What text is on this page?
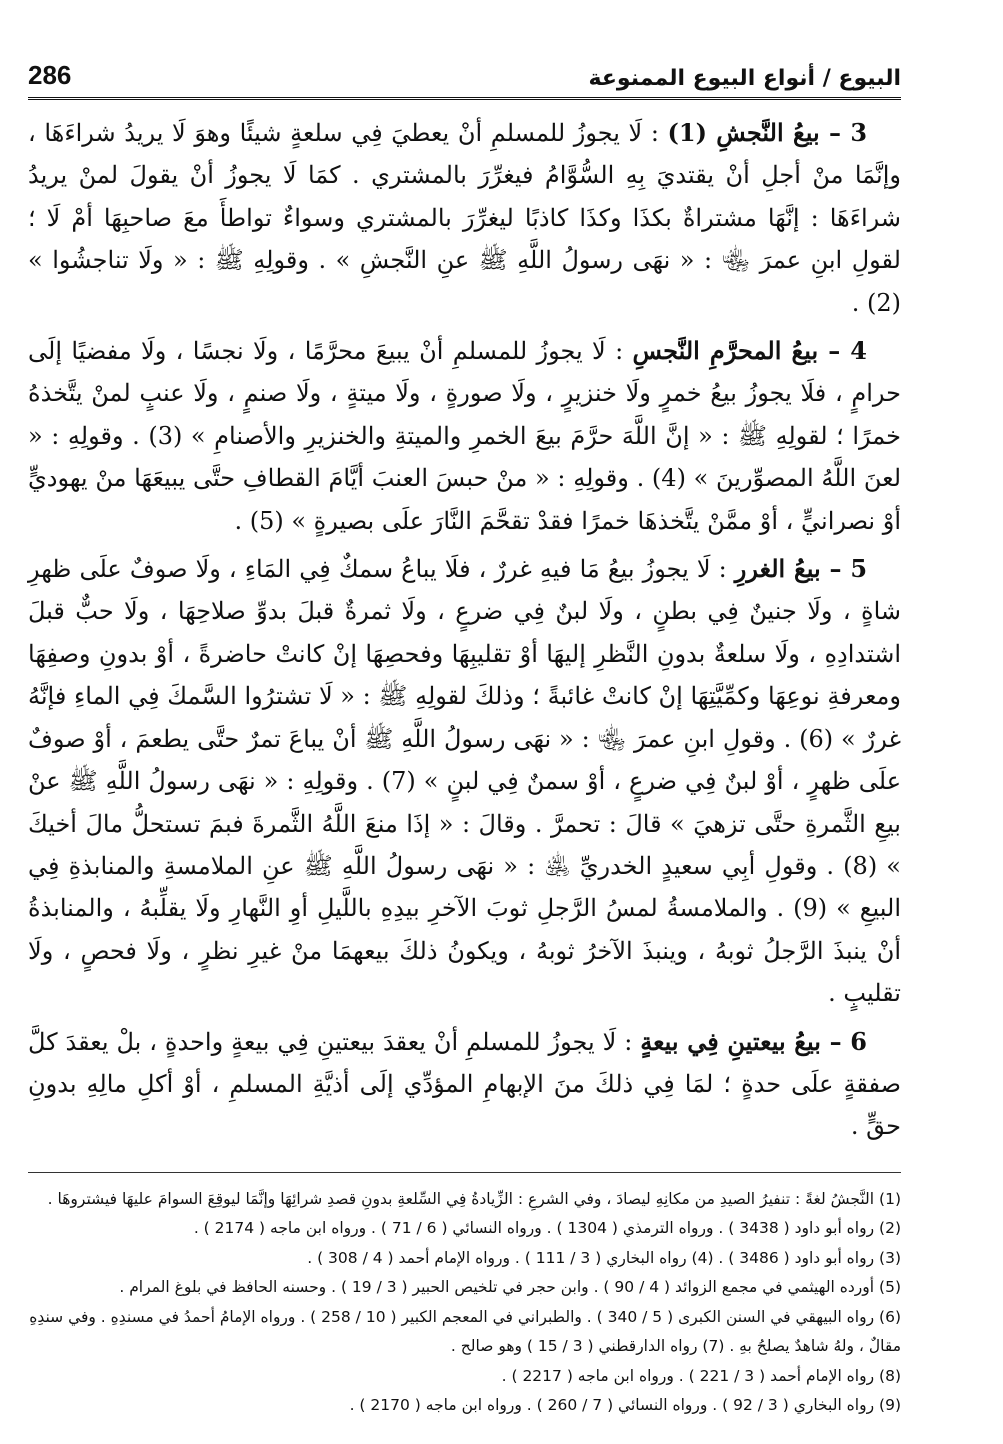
البيوع / أنواع البيوع الممنوعة
286

3 – بيعُ النَّجشِ (1) : لَا يجوزُ للمسلمِ أنْ يعطيَ فِي سلعةٍ شيئًا وهوَ لَا يريدُ شراءَهَا ، وإنَّمَا منْ أجلِ أنْ يقتديَ بِهِ السُّوَّامُ فيغرِّرَ بالمشتري . كمَا لَا يجوزُ أنْ يقولَ لمنْ يريدُ شراءَهَا : إنَّهَا مشتراةٌ بكذَا وكذَا كاذبًا ليغرِّرَ بالمشتري وسواءٌ تواطأَ معَ صاحبِهَا أمْ لَا ؛ لقولِ ابنِ عمرَ ﵄ : « نهَى رسولُ اللَّهِ ﷺ عنِ النَّجشِ » . وقولِهِ ﷺ : « ولَا تناجشُوا » (2) .

4 – بيعُ المحرَّمِ النَّجسِ : لَا يجوزُ للمسلمِ أنْ يبيعَ محرَّمًا ، ولَا نجسًا ، ولَا مفضيًا إلَى حرامٍ ، فلَا يجوزُ بيعُ خمرٍ ولَا خنزيرٍ ، ولَا صورةٍ ، ولَا ميتةٍ ، ولَا صنمٍ ، ولَا عنبٍ لمنْ يتَّخذهُ خمرًا ؛ لقولِهِ ﷺ : « إنَّ اللَّهَ حرَّمَ بيعَ الخمرِ والميتةِ والخنزيرِ والأصنامِ » (3) . وقولِهِ : « لعنَ اللَّهُ المصوِّرينَ » (4) . وقولِهِ : « منْ حبسَ العنبَ أيَّامَ القطافِ حتَّى يبيعَهَا منْ يهوديٍّ أوْ نصرانيٍّ ، أوْ ممَّنْ يتَّخذهَا خمرًا فقدْ تقحَّمَ النَّارَ علَى بصيرةٍ » (5) .

5 – بيعُ الغررِ : لَا يجوزُ بيعُ مَا فيهِ غررٌ ، فلَا يباعُ سمكٌ فِي المَاءِ ، ولَا صوفٌ علَى ظهرِ شاةٍ ، ولَا جنينٌ فِي بطنٍ ، ولَا لبنٌ فِي ضرعٍ ، ولَا ثمرةٌ قبلَ بدوِّ صلاحِهَا ، ولَا حبٌّ قبلَ اشتدادِهِ ، ولَا سلعةٌ بدونِ النَّظرِ إليهَا أوْ تقليبِهَا وفحصِهَا إنْ كانتْ حاضرةً ، أوْ بدونِ وصفِهَا ومعرفةِ نوعِهَا وكمِّيَّتِهَا إنْ كانتْ غائبةً ؛ وذلكَ لقولِهِ ﷺ : « لَا تشترُوا السَّمكَ فِي الماءِ فإنَّهُ غررٌ » (6) . وقولِ ابنِ عمرَ ﵄ : « نهَى رسولُ اللَّهِ ﷺ أنْ يباعَ تمرٌ حتَّى يطعمَ ، أوْ صوفٌ علَى ظهرٍ ، أوْ لبنٌ فِي ضرعٍ ، أوْ سمنٌ فِي لبنٍ » (7) . وقولِهِ : « نهَى رسولُ اللَّهِ ﷺ عنْ بيعِ الثَّمرةِ حتَّى تزهيَ » قالَ : تحمرَّ . وقالَ : « إذَا منعَ اللَّهُ الثَّمرةَ فبمَ تستحلُّ مالَ أخيكَ » (8) . وقولِ أبِي سعيدٍ الخدريِّ ﵁ : « نهَى رسولُ اللَّهِ ﷺ عنِ الملامسةِ والمنابذةِ فِي البيعِ » (9) . والملامسةُ لمسُ الرَّجلِ ثوبَ الآخرِ بيدِهِ باللَّيلِ أوِ النَّهارِ ولَا يقلِّبهُ ، والمنابذةُ أنْ ينبذَ الرَّجلُ ثوبهُ ، وينبذَ الآخرُ ثوبهُ ، ويكونُ ذلكَ بيعهمَا منْ غيرِ نظرٍ ، ولَا فحصٍ ، ولَا تقليبٍ .

6 – بيعُ بيعتينِ فِي بيعةٍ : لَا يجوزُ للمسلمِ أنْ يعقدَ بيعتينِ فِي بيعةٍ واحدةٍ ، بلْ يعقدَ كلَّ صفقةٍ علَى حدةٍ ؛ لمَا فِي ذلكَ منَ الإبهامِ المؤدِّي إلَى أذيَّةِ المسلمِ ، أوْ أكلِ مالِهِ بدونِ حقٍّ .

(1) النَّجشُ لغةً : تنفيرُ الصيدِ من مكانِهِ ليصادَ ، وفي الشرعِ : الزِّيادةُ فِي السِّلعةِ بدونِ قصدِ شرائِهَا وإنَّمَا ليوقِعَ السوامَ عليهَا فيشتروهَا .

(2) رواه أبو داود ( 3438 ) . ورواه الترمذي ( 1304 ) . ورواه النسائي ( 6 / 71 ) . ورواه ابن ماجه ( 2174 ) .

(3) رواه أبو داود ( 3486 ) . (4) رواه البخاري ( 3 / 111 ) . ورواه الإمام أحمد ( 4 / 308 ) .

(5) أورده الهيثمي في مجمع الزوائد ( 4 / 90 ) . وابن حجر في تلخيص الحبير ( 3 / 19 ) . وحسنه الحافظ في بلوغ المرام .

(6) رواه البيهقي في السنن الكبرى ( 5 / 340 ) . والطبراني في المعجم الكبير ( 10 / 258 ) . ورواه الإمامُ أحمدُ في مسندِهِ . وفي سندِهِ مقالٌ ، ولهُ شاهدٌ يصلحُ بهِ . (7) رواه الدارقطني ( 3 / 15 ) وهو صالح .

(8) رواه الإمام أحمد ( 3 / 221 ) . ورواه ابن ماجه ( 2217 ) .

(9) رواه البخاري ( 3 / 92 ) . ورواه النسائي ( 7 / 260 ) . ورواه ابن ماجه ( 2170 ) .
